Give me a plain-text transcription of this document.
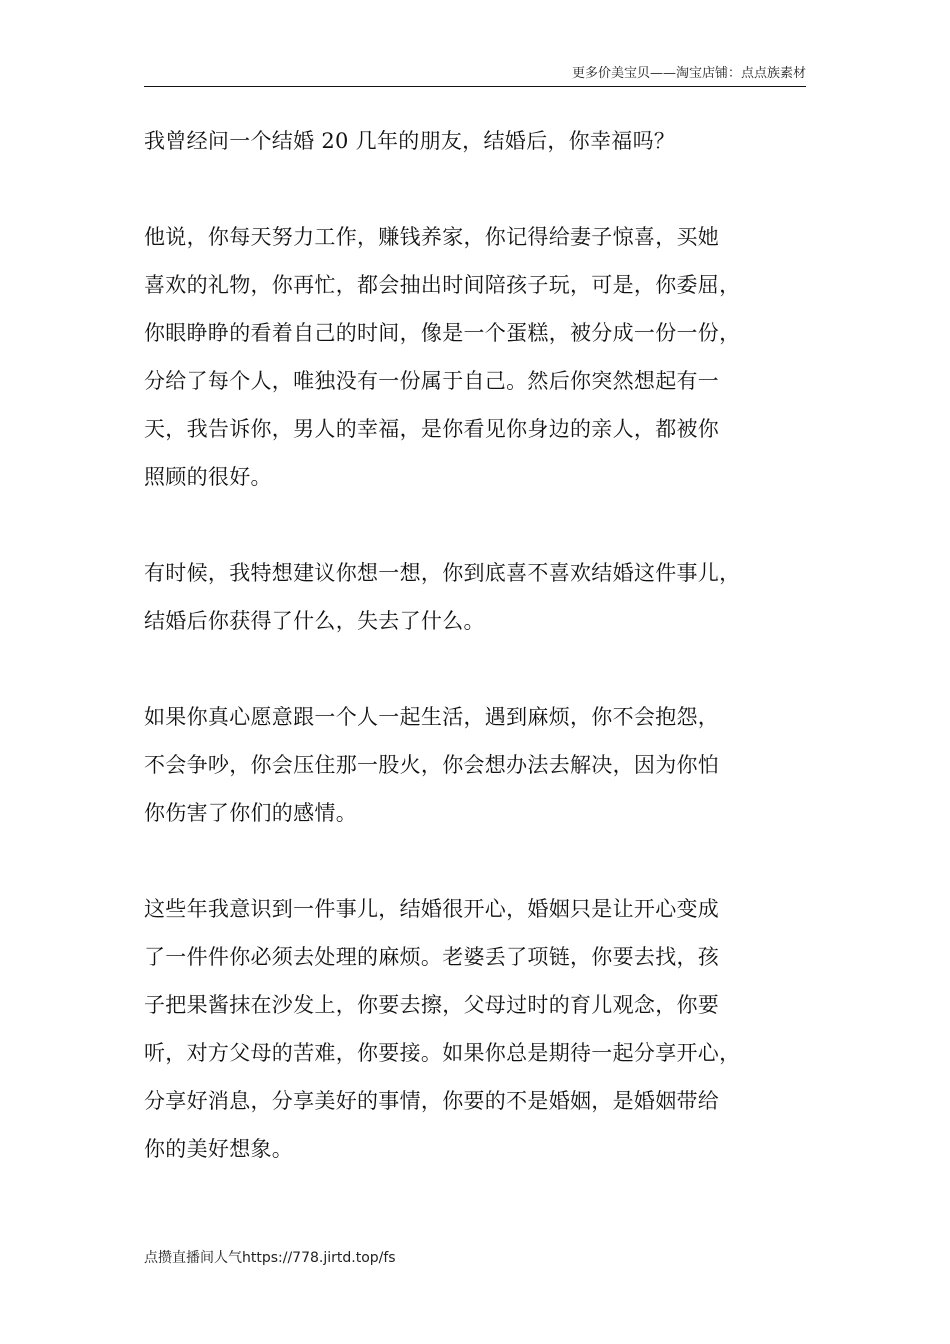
更多价美宝贝——淘宝店铺：点点族素材

我曾经问一个结婚 20 几年的朋友，结婚后，你幸福吗？

他说，你每天努力工作，赚钱养家，你记得给妻子惊喜，买她
喜欢的礼物，你再忙，都会抽出时间陪孩子玩，可是，你委屈，
你眼睁睁的看着自己的时间，像是一个蛋糕，被分成一份一份，
分给了每个人，唯独没有一份属于自己。然后你突然想起有一
天，我告诉你，男人的幸福，是你看见你身边的亲人，都被你
照顾的很好。

有时候，我特想建议你想一想，你到底喜不喜欢结婚这件事儿，
结婚后你获得了什么，失去了什么。

如果你真心愿意跟一个人一起生活，遇到麻烦，你不会抱怨，
不会争吵，你会压住那一股火，你会想办法去解决，因为你怕
你伤害了你们的感情。

这些年我意识到一件事儿，结婚很开心，婚姻只是让开心变成
了一件件你必须去处理的麻烦。老婆丢了项链，你要去找，孩
子把果酱抹在沙发上，你要去擦，父母过时的育儿观念，你要
听，对方父母的苦难，你要接。如果你总是期待一起分享开心，
分享好消息，分享美好的事情，你要的不是婚姻，是婚姻带给
你的美好想象。

点攒直播间人气https://778.jirtd.top/fs
